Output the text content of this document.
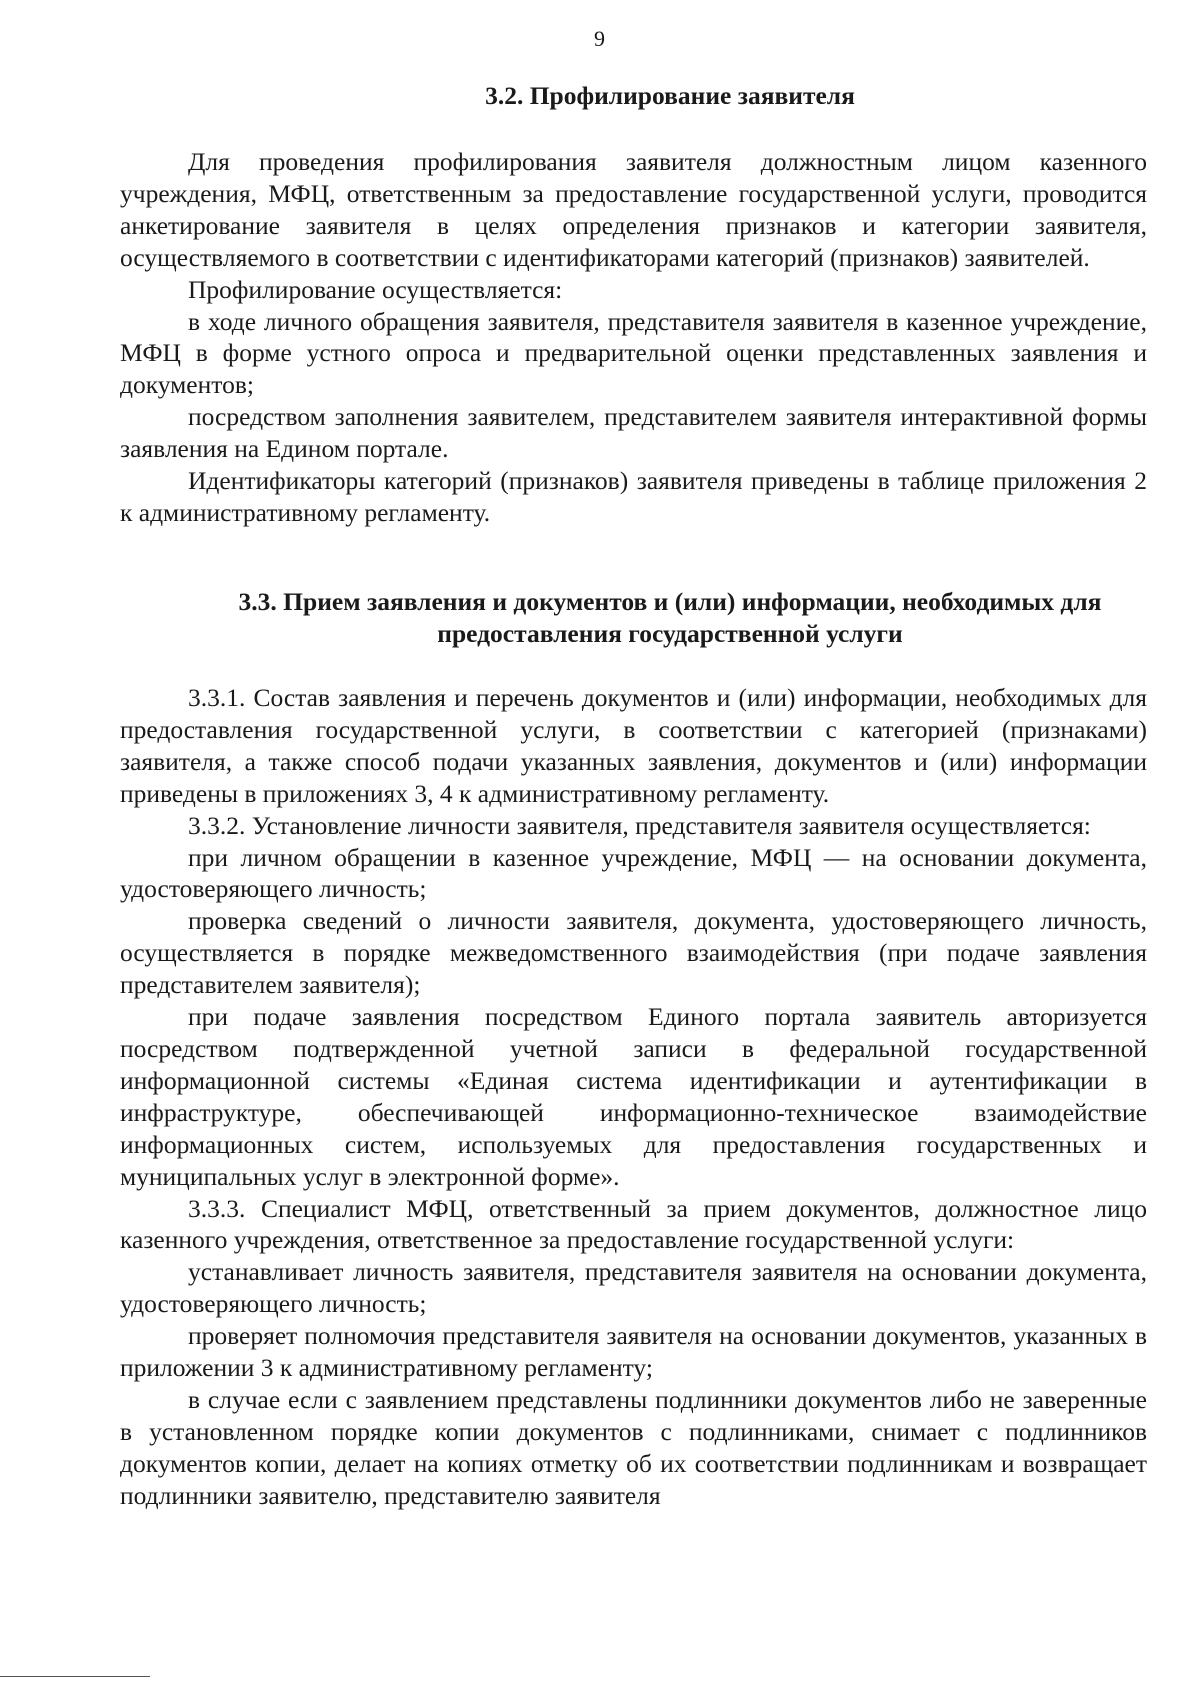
9
3.2. Профилирование заявителя

Для проведения профилирования заявителя должностным лицом казенного учреждения, МФЦ, ответственным за предоставление государственной услуги, проводится анкетирование заявителя в целях определения признаков и категории заявителя, осуществляемого в соответствии с идентификаторами категорий (признаков) заявителей.

Профилирование осуществляется:

в ходе личного обращения заявителя, представителя заявителя в казенное учреждение, МФЦ в форме устного опроса и предварительной оценки представленных заявления и документов;

посредством заполнения заявителем, представителем заявителя интерактивной формы заявления на Едином портале.

Идентификаторы категорий (признаков) заявителя приведены в таблице приложения 2 к административному регламенту.

3.3. Прием заявления и документов и (или) информации, необходимых для предоставления государственной услуги

3.3.1. Состав заявления и перечень документов и (или) информации, необходимых для предоставления государственной услуги, в соответствии с категорией (признаками) заявителя, а также способ подачи указанных заявления, документов и (или) информации приведены в приложениях 3, 4 к административному регламенту.

3.3.2. Установление личности заявителя, представителя заявителя осуществляется:

при личном обращении в казенное учреждение, МФЦ — на основании документа, удостоверяющего личность;

проверка сведений о личности заявителя, документа, удостоверяющего личность, осуществляется в порядке межведомственного взаимодействия (при подаче заявления представителем заявителя);

при подаче заявления посредством Единого портала заявитель авторизуется посредством подтвержденной учетной записи в федеральной государственной информационной системы «Единая система идентификации и аутентификации в инфраструктуре, обеспечивающей информационно-техническое взаимодействие информационных систем, используемых для предоставления государственных и муниципальных услуг в электронной форме».

3.3.3. Специалист МФЦ, ответственный за прием документов, должностное лицо казенного учреждения, ответственное за предоставление государственной услуги:

устанавливает личность заявителя, представителя заявителя на основании документа, удостоверяющего личность;

проверяет полномочия представителя заявителя на основании документов, указанных в приложении 3 к административному регламенту;

в случае если с заявлением представлены подлинники документов либо не заверенные в установленном порядке копии документов с подлинниками, снимает с подлинников документов копии, делает на копиях отметку об их соответствии подлинникам и возвращает подлинники заявителю, представителю заявителя
